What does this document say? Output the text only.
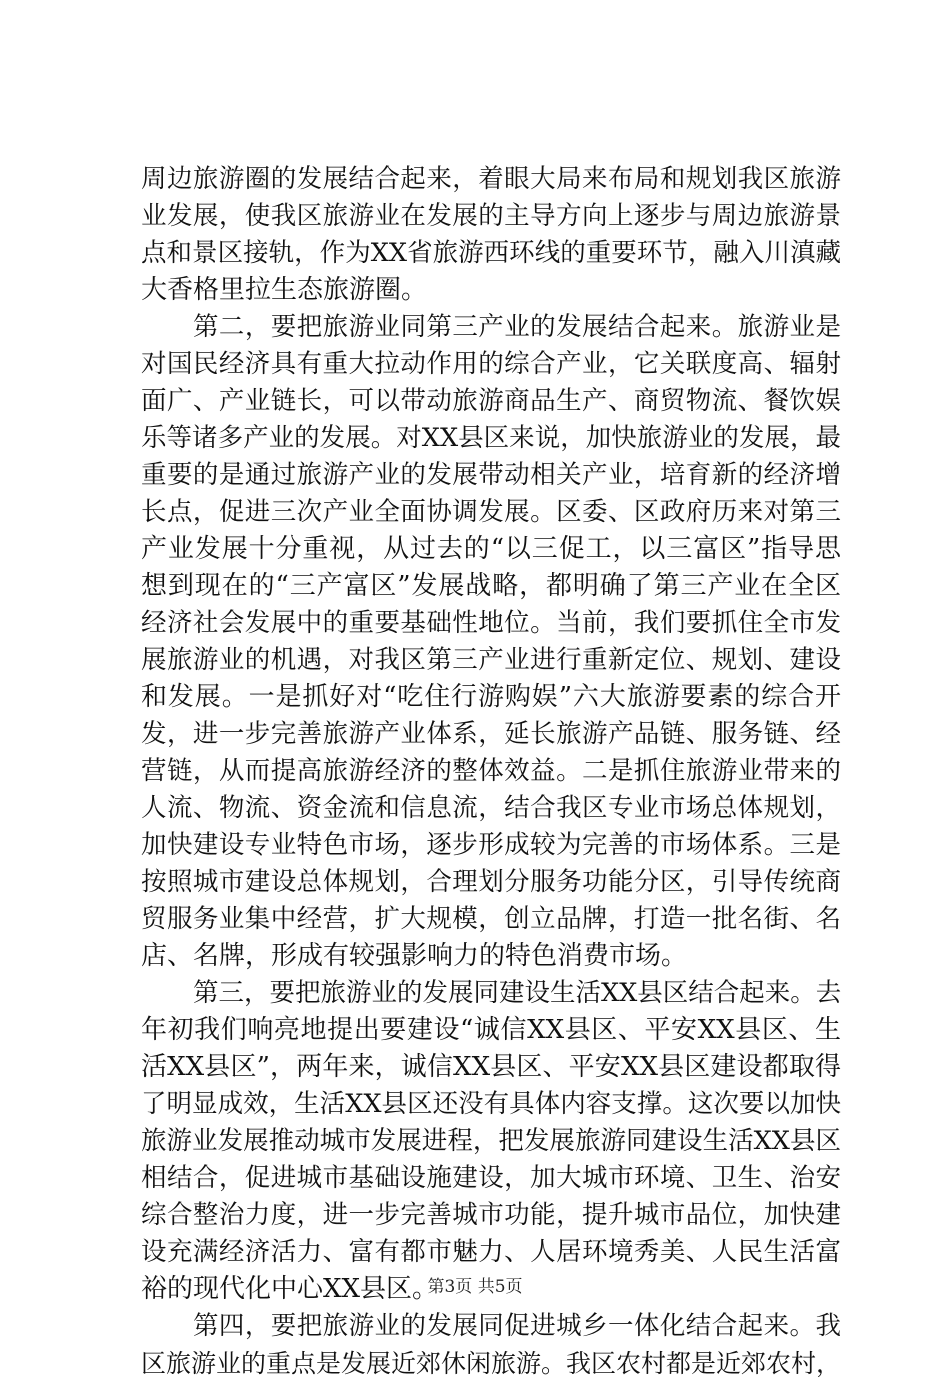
周边旅游圈的发展结合起来，着眼大局来布局和规划我区旅游
业发展，使我区旅游业在发展的主导方向上逐步与周边旅游景
点和景区接轨，作为XX省旅游西环线的重要环节，融入川滇藏
大香格里拉生态旅游圈。
第二，要把旅游业同第三产业的发展结合起来。旅游业是
对国民经济具有重大拉动作用的综合产业，它关联度高、辐射
面广、产业链长，可以带动旅游商品生产、商贸物流、餐饮娱
乐等诸多产业的发展。对XX县区来说，加快旅游业的发展，最
重要的是通过旅游产业的发展带动相关产业，培育新的经济增
长点，促进三次产业全面协调发展。区委、区政府历来对第三
产业发展十分重视，从过去的“以三促工，以三富区”指导思
想到现在的“三产富区”发展战略，都明确了第三产业在全区
经济社会发展中的重要基础性地位。当前，我们要抓住全市发
展旅游业的机遇，对我区第三产业进行重新定位、规划、建设
和发展。一是抓好对“吃住行游购娱”六大旅游要素的综合开
发，进一步完善旅游产业体系，延长旅游产品链、服务链、经
营链，从而提高旅游经济的整体效益。二是抓住旅游业带来的
人流、物流、资金流和信息流，结合我区专业市场总体规划，
加快建设专业特色市场，逐步形成较为完善的市场体系。三是
按照城市建设总体规划，合理划分服务功能分区，引导传统商
贸服务业集中经营，扩大规模，创立品牌，打造一批名街、名
店、名牌，形成有较强影响力的特色消费市场。
第三，要把旅游业的发展同建设生活XX县区结合起来。去
年初我们响亮地提出要建设“诚信XX县区、平安XX县区、生
活XX县区”，两年来，诚信XX县区、平安XX县区建设都取得
了明显成效，生活XX县区还没有具体内容支撑。这次要以加快
旅游业发展推动城市发展进程，把发展旅游同建设生活XX县区
相结合，促进城市基础设施建设，加大城市环境、卫生、治安
综合整治力度，进一步完善城市功能，提升城市品位，加快建
设充满经济活力、富有都市魅力、人居环境秀美、人民生活富
裕的现代化中心XX县区。
第四，要把旅游业的发展同促进城乡一体化结合起来。我
区旅游业的重点是发展近郊休闲旅游。我区农村都是近郊农村，
第3页 共5页
